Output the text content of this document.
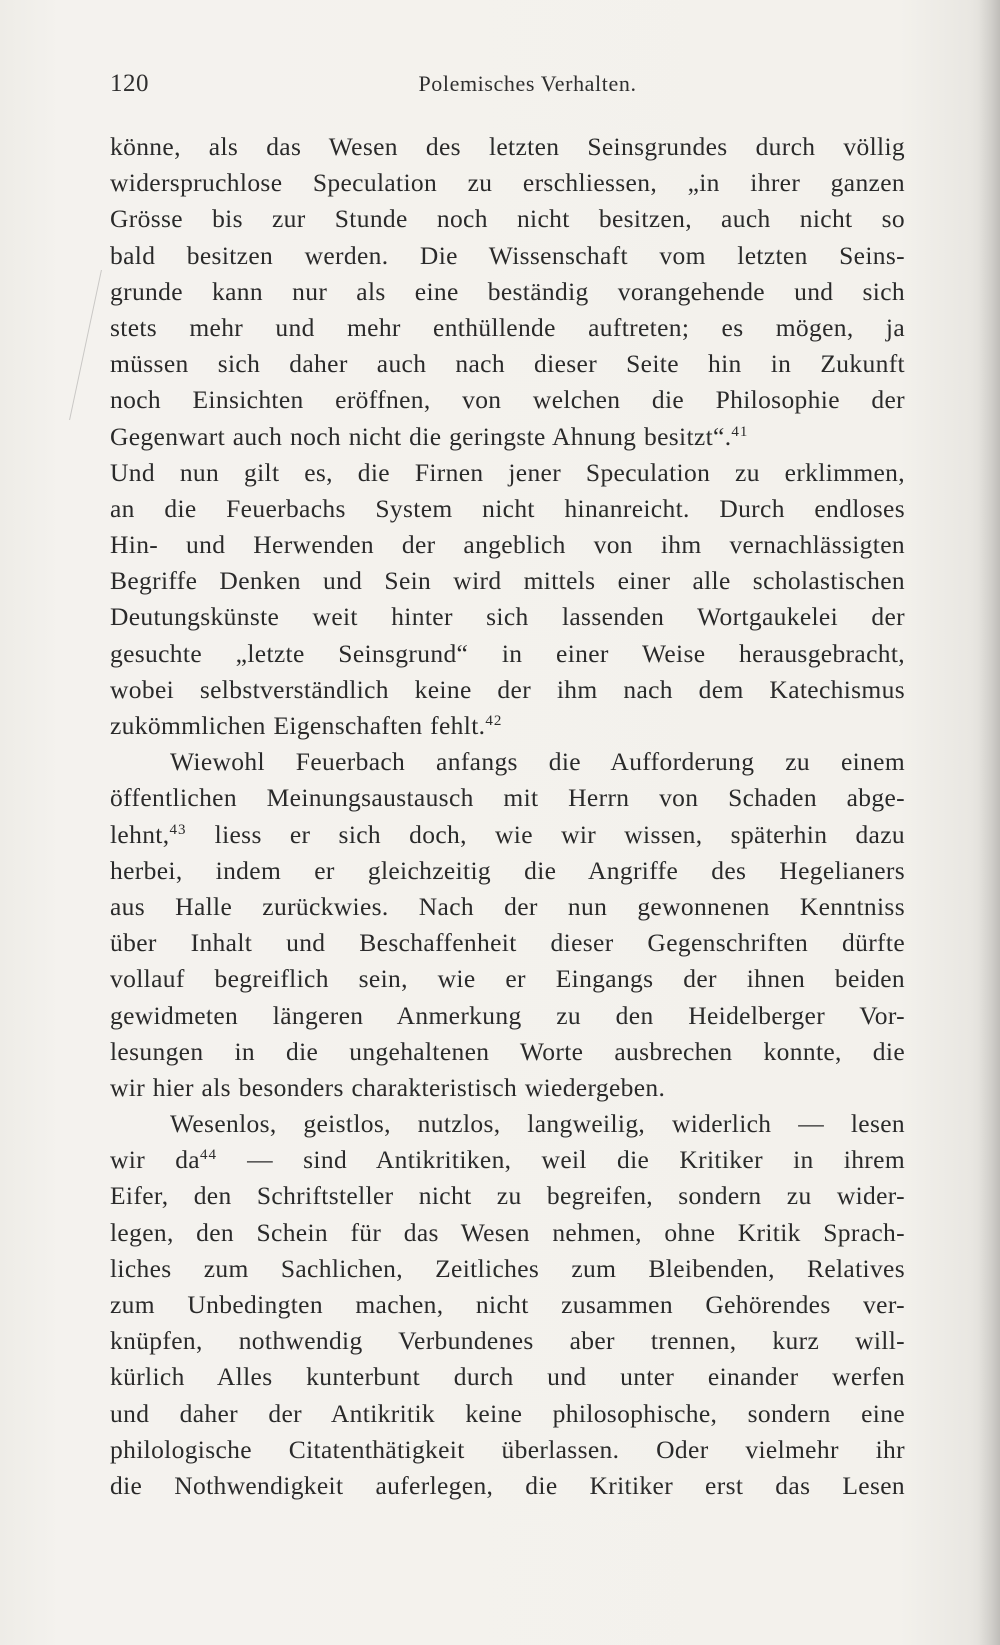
120	Polemisches Verhalten.
könne, als das Wesen des letzten Seinsgrundes durch völlig
widerspruchlose Speculation zu erschliessen, „in ihrer ganzen
Grösse bis zur Stunde noch nicht besitzen, auch nicht so
bald besitzen werden. Die Wissenschaft vom letzten Seins-
grunde kann nur als eine beständig vorangehende und sich
stets mehr und mehr enthüllende auftreten; es mögen, ja
müssen sich daher auch nach dieser Seite hin in Zukunft
noch Einsichten eröffnen, von welchen die Philosophie der
Gegenwart auch noch nicht die geringste Ahnung besitzt“.$^{41}$
Und nun gilt es, die Firnen jener Speculation zu erklimmen,
an die Feuerbachs System nicht hinanreicht. Durch endloses
Hin- und Herwenden der angeblich von ihm vernachlässigten
Begriffe Denken und Sein wird mittels einer alle scholastischen
Deutungskünste weit hinter sich lassenden Wortgaukelei der
gesuchte „letzte Seinsgrund“ in einer Weise herausgebracht,
wobei selbstverständlich keine der ihm nach dem Katechismus
zukömmlichen Eigenschaften fehlt.$^{42}$
Wiewohl Feuerbach anfangs die Aufforderung zu einem
öffentlichen Meinungsaustausch mit Herrn von Schaden abge-
lehnt,$^{43}$ liess er sich doch, wie wir wissen, späterhin dazu
herbei, indem er gleichzeitig die Angriffe des Hegelianers
aus Halle zurückwies. Nach der nun gewonnenen Kenntniss
über Inhalt und Beschaffenheit dieser Gegenschriften dürfte
vollauf begreiflich sein, wie er Eingangs der ihnen beiden
gewidmeten längeren Anmerkung zu den Heidelberger Vor-
lesungen in die ungehaltenen Worte ausbrechen konnte, die
wir hier als besonders charakteristisch wiedergeben.
Wesenlos, geistlos, nutzlos, langweilig, widerlich — lesen
wir $da^{44}$ — sind Antikritiken, weil die Kritiker in ihrem
Eifer, den Schriftsteller nicht zu begreifen, sondern zu wider-
legen, den Schein für das Wesen nehmen, ohne Kritik Sprach-
liches zum Sachlichen, Zeitliches zum Bleibenden, Relatives
zum Unbedingten machen, nicht zusammen Gehörendes ver-
knüpfen, nothwendig Verbundenes aber trennen, kurz will-
kürlich Alles kunterbunt durch und unter einander werfen
und daher der Antikritik keine philosophische, sondern eine
philologische Citatenthätigkeit überlassen. Oder vielmehr ihr
die Nothwendigkeit auferlegen, die Kritiker erst das Lesen
